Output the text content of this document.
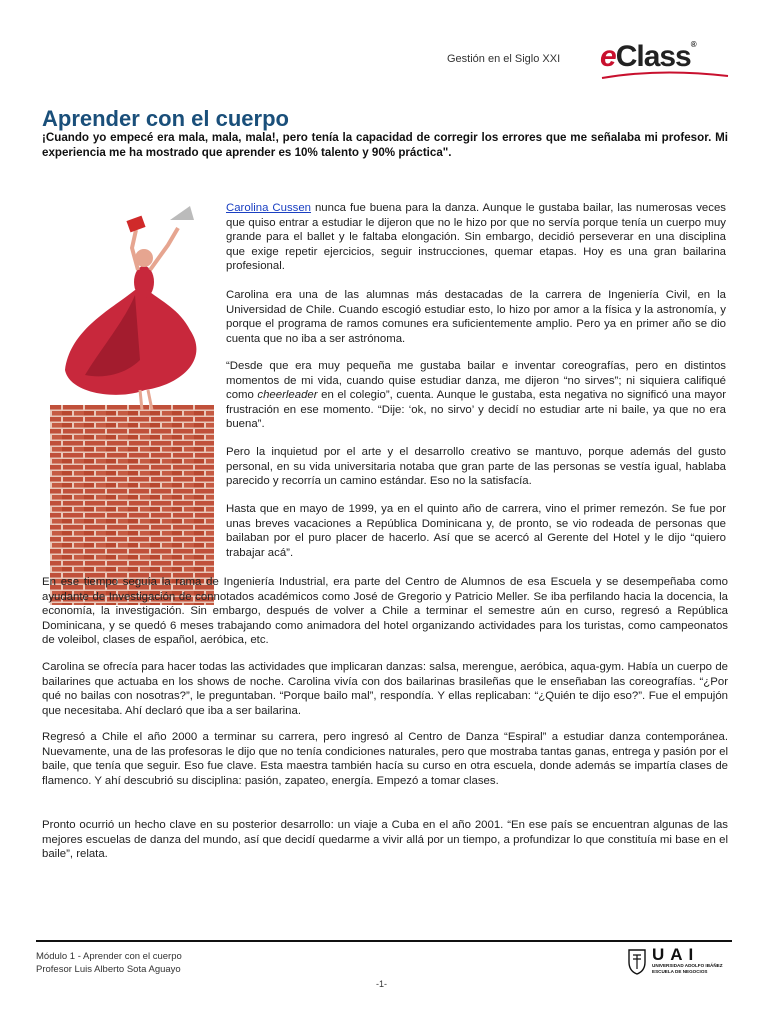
Gestión en el Siglo XXI eClass®
Aprender con el cuerpo

¡Cuando yo empecé era mala, mala, mala!, pero tenía la capacidad de corregir los errores que me señalaba mi profesor. Mi experiencia me ha mostrado que aprender es 10% talento y 90% práctica".

Carolina Cussen nunca fue buena para la danza. Aunque le gustaba bailar, las numerosas veces que quiso entrar a estudiar le dijeron que no le hizo por que no servía porque tenía un cuerpo muy grande para el ballet y le faltaba elongación. Sin embargo, decidió perseverar en una disciplina que exige repetir ejercicios, seguir instrucciones, quemar etapas. Hoy es una gran bailarina profesional.

Carolina era una de las alumnas más destacadas de la carrera de Ingeniería Civil, en la Universidad de Chile. Cuando escogió estudiar esto, lo hizo por amor a la física y la astronomía, y porque el programa de ramos comunes era suficientemente amplio. Pero ya en primer año se dio cuenta que no iba a ser astrónoma.

“Desde que era muy pequeña me gustaba bailar e inventar coreografías, pero en distintos momentos de mi vida, cuando quise estudiar danza, me dijeron “no sirves”; ni siquiera califiqué como cheerleader en el colegio”, cuenta. Aunque le gustaba, esta negativa no significó una mayor frustración en ese momento. “Dije: ‘ok, no sirvo’ y decidí no estudiar arte ni baile, ya que no era buena”.

Pero la inquietud por el arte y el desarrollo creativo se mantuvo, porque además del gusto personal, en su vida universitaria notaba que gran parte de las personas se vestía igual, hablaba parecido y recorría un camino estándar. Eso no la satisfacía.

Hasta que en mayo de 1999, ya en el quinto año de carrera, vino el primer remezón. Se fue por unas breves vacaciones a República Dominicana y, de pronto, se vio rodeada de personas que bailaban por el puro placer de hacerlo. Así que se acercó al Gerente del Hotel y le dijo “quiero trabajar acá”.

En ese tiempo seguía la rama de Ingeniería Industrial, era parte del Centro de Alumnos de esa Escuela y se desempeñaba como ayudante de Investigación de connotados académicos como José de Gregorio y Patricio Meller. Se iba perfilando hacia la docencia, la economía, la investigación. Sin embargo, después de volver a Chile a terminar el semestre aún en curso, regresó a República Dominicana, y se quedó 6 meses trabajando como animadora del hotel organizando actividades para los turistas, como campeonatos de voleibol, clases de español, aeróbica, etc.

Carolina se ofrecía para hacer todas las actividades que implicaran danzas: salsa, merengue, aeróbica, aqua-gym. Había un cuerpo de bailarines que actuaba en los shows de noche. Carolina vivía con dos bailarinas brasileñas que le enseñaban las coreografías. “¿Por qué no bailas con nosotras?”, le preguntaban. “Porque bailo mal”, respondía. Y ellas replicaban: “¿Quién te dijo eso?”. Fue el empujón que necesitaba. Ahí declaró que iba a ser bailarina.

Regresó a Chile el año 2000 a terminar su carrera, pero ingresó al Centro de Danza “Espiral” a estudiar danza contemporánea. Nuevamente, una de las profesoras le dijo que no tenía condiciones naturales, pero que mostraba tantas ganas, entrega y pasión por el baile, que tenía que seguir. Eso fue clave. Esta maestra también hacía su curso en otra escuela, donde además se impartía clases de flamenco. Y ahí descubrió su disciplina: pasión, zapateo, energía. Empezó a tomar clases.

Pronto ocurrió un hecho clave en su posterior desarrollo: un viaje a Cuba en el año 2001. “En ese país se encuentran algunas de las mejores escuelas de danza del mundo, así que decidí quedarme a vivir allá por un tiempo, a profundizar lo que constituía mi base en el baile”, relata.

Módulo 1 - Aprender con el cuerpo
Profesor Luis Alberto Sota Aguayo
-1-
UAI
UNIVERSIDAD ADOLFO IBÁÑEZ
ESCUELA DE NEGOCIOS
